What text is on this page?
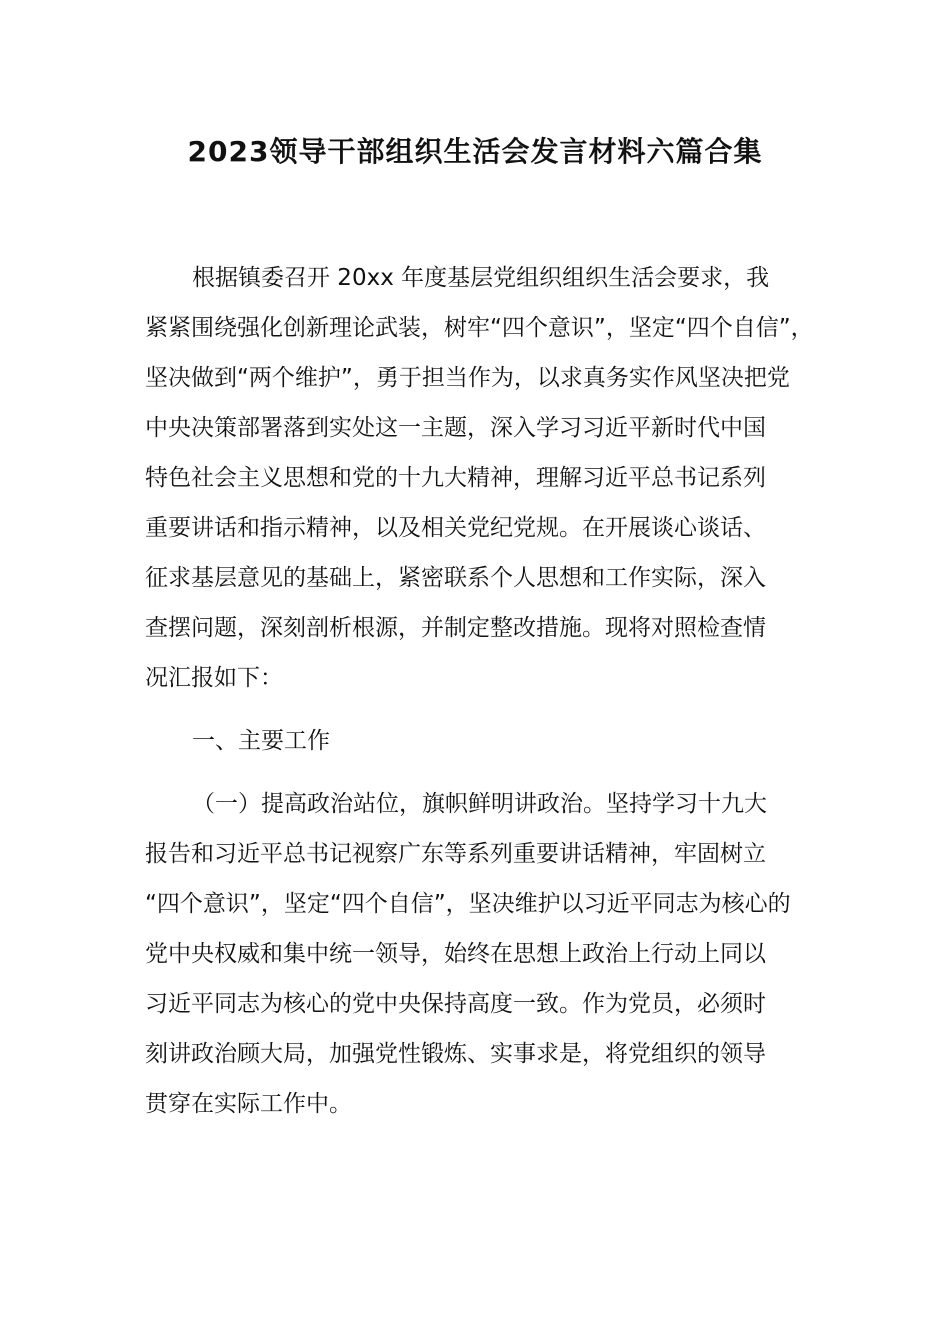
2023领导干部组织生活会发言材料六篇合集
根据镇委召开 20xx 年度基层党组织组织生活会要求，我
紧紧围绕强化创新理论武装，树牢“四个意识”，坚定“四个自信”，
坚决做到“两个维护”，勇于担当作为，以求真务实作风坚决把党
中央决策部署落到实处这一主题，深入学习习近平新时代中国
特色社会主义思想和党的十九大精神，理解习近平总书记系列
重要讲话和指示精神，以及相关党纪党规。在开展谈心谈话、
征求基层意见的基础上，紧密联系个人思想和工作实际，深入
查摆问题，深刻剖析根源，并制定整改措施。现将对照检查情
况汇报如下：
一、主要工作
（一）提高政治站位，旗帜鲜明讲政治。坚持学习十九大
报告和习近平总书记视察广东等系列重要讲话精神，牢固树立
“四个意识”，坚定“四个自信”，坚决维护以习近平同志为核心的
党中央权威和集中统一领导，始终在思想上政治上行动上同以
习近平同志为核心的党中央保持高度一致。作为党员，必须时
刻讲政治顾大局，加强党性锻炼、实事求是，将党组织的领导
贯穿在实际工作中。
